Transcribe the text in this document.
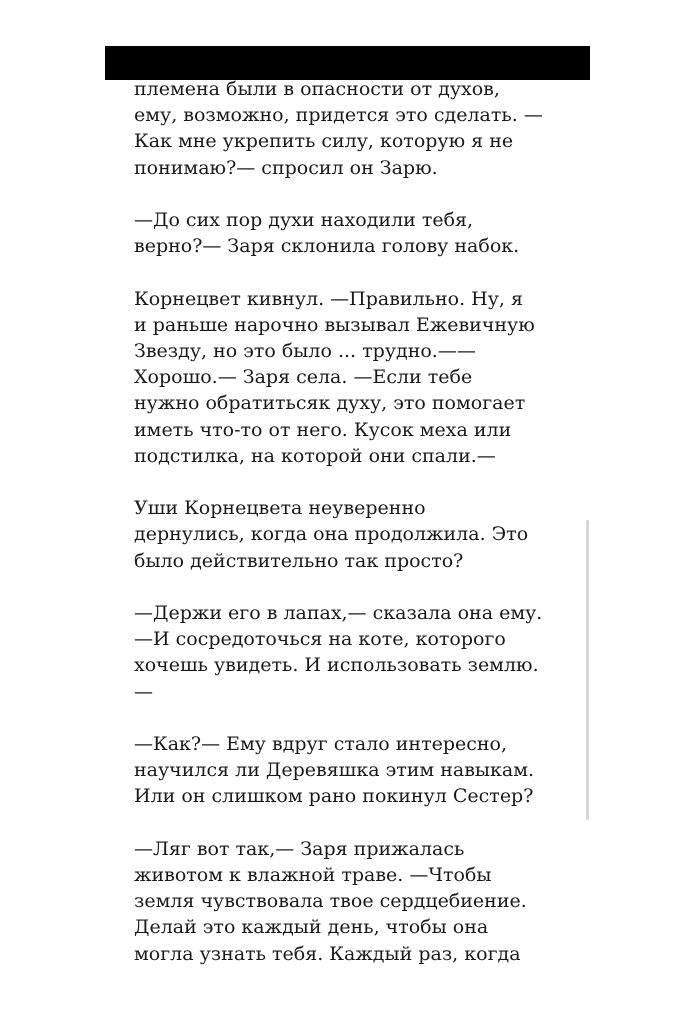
племена были в опасности от духов,
ему, возможно, придется это сделать. —
Как мне укрепить силу, которую я не
понимаю?— спросил он Зарю.
—До сих пор духи находили тебя,
верно?— Заря склонила голову набок.
Корнецвет кивнул. —Правильно. Ну, я
и раньше нарочно вызывал Ежевичную
Звезду, но это было ... трудно.——
Хорошо.— Заря села. —Если тебе
нужно обратитьсяк духу, это помогает
иметь что-то от него. Кусок меха или
подстилка, на которой они спали.—
Уши Корнецвета неуверенно
дернулись, когда она продолжила. Это
было действительно так просто?
—Держи его в лапах,— сказала она ему.
—И сосредоточься на коте, которого
хочешь увидеть. И использовать землю.
—
—Как?— Ему вдруг стало интересно,
научился ли Деревяшка этим навыкам.
Или он слишком рано покинул Сестер?
—Ляг вот так,— Заря прижалась
животом к влажной траве. —Чтобы
земля чувствовала твое сердцебиение.
Делай это каждый день, чтобы она
могла узнать тебя. Каждый раз, когда
